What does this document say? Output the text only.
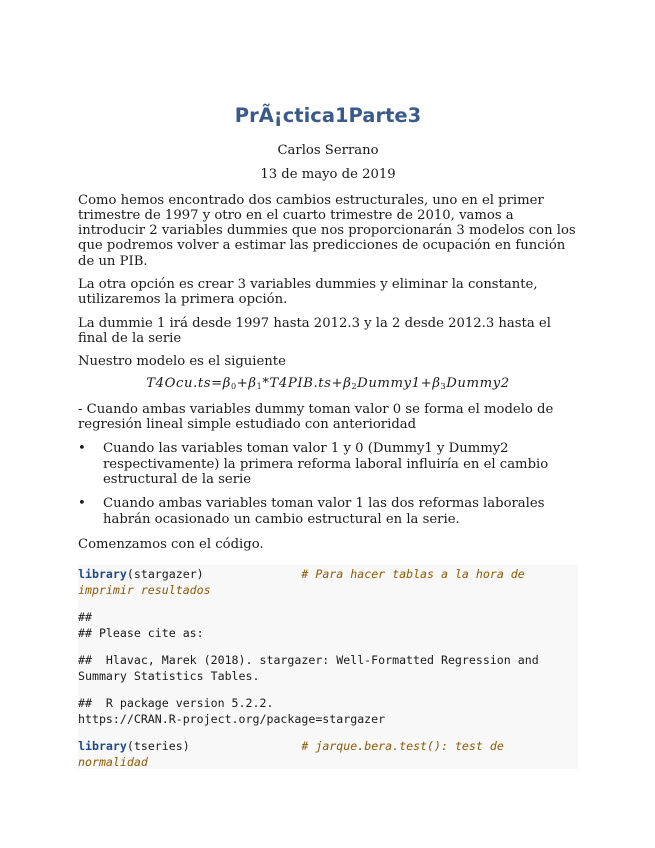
PrÃ¡ctica1Parte3
Carlos Serrano
13 de mayo de 2019

Como hemos encontrado dos cambios estructurales, uno en el primer trimestre de 1997 y otro en el cuarto trimestre de 2010, vamos a introducir 2 variables dummies que nos proporcionarán 3 modelos con los que podremos volver a estimar las predicciones de ocupación en función de un PIB.

La otra opción es crear 3 variables dummies y eliminar la constante, utilizaremos la primera opción.

La dummie 1 irá desde 1997 hasta 2012.3 y la 2 desde 2012.3 hasta el final de la serie

Nuestro modelo es el siguiente

$T4Ocu.ts=\beta_0+\beta_1*T4PIB.ts+\beta_2Dummy1+\beta_3Dummy2$

- Cuando ambas variables dummy toman valor 0 se forma el modelo de regresión lineal simple estudiado con anterioridad

• Cuando las variables toman valor 1 y 0 (Dummy1 y Dummy2 respectivamente) la primera reforma laboral influiría en el cambio estructural de la serie
• Cuando ambas variables toman valor 1 las dos reformas laborales habrán ocasionado un cambio estructural en la serie.

Comenzamos con el código.

library(stargazer)	# Para hacer tablas a la hora de
imprimir resultados
##
## Please cite as:
##  Hlavac, Marek (2018). stargazer: Well-Formatted Regression and
Summary Statistics Tables.
##  R package version 5.2.2.
https://CRAN.R-project.org/package=stargazer
library(tseries)	# jarque.bera.test(): test de
normalidad
